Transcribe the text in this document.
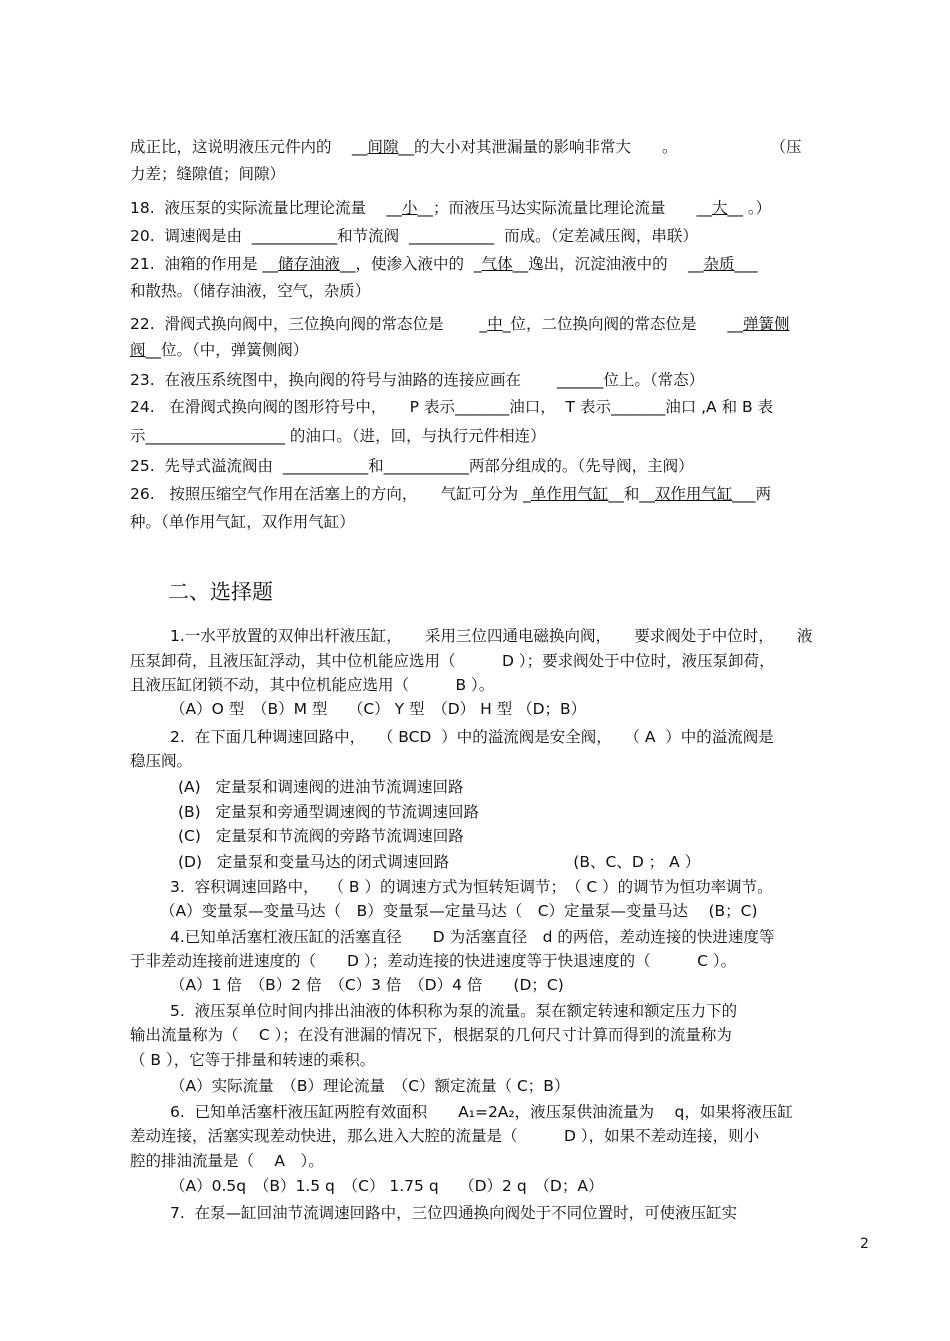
成正比，这说明液压元件内的　 __间隙__的大小对其泄漏量的影响非常大　　。　　　　　　　（压
力差；缝隙值；间隙）
18.  液压泵的实际流量比理论流量　 __小__；而液压马达实际流量比理论流量　　__大__ 。）
20.  调速阀是由  ___________和节流阀  ___________  而成。（定差减压阀，串联）
21.  油箱的作用是 __储存油液__，使渗入液中的  _气体__逸出，沉淀油液中的　 __杂质___
和散热。（储存油液，空气，杂质）
22.  滑阀式换向阀中，三位换向阀的常态位是　　 _中_位，二位换向阀的常态位是　　__弹簧侧
阀__位。（中，弹簧侧阀）
23.  在液压系统图中，换向阀的符号与油路的连接应画在　　 ______位上。（常态）
24.   在滑阀式换向阀的图形符号中，　　P 表示_______油口，  T 表示_______油口 ,A 和 B 表
示__________________ 的油口。（进，回，与执行元件相连）
25.  先导式溢流阀由  ___________和___________两部分组成的。（先导阀，主阀）
26.   按照压缩空气作用在活塞上的方向，　　气缸可分为 _单作用气缸__和__双作用气缸___两
种。（单作用气缸，双作用气缸）
二、选择题
1.一水平放置的双伸出杆液压缸，　　采用三位四通电磁换向阀，　　要求阀处于中位时，　　液
压泵卸荷，且液压缸浮动，其中位机能应选用（　　　D ）；要求阀处于中位时，液压泵卸荷，
且液压缸闭锁不动，其中位机能应选用（　　　B ）。
（A）O 型　（B）M 型　 （C） Y 型　（D） H 型 （D；B）
2.  在下面几种调速回路中，　 （ BCD  ）中的溢流阀是安全阀，　 （ A  ）中的溢流阀是
稳压阀。
(A)   定量泵和调速阀的进油节流调速回路
(B)   定量泵和旁通型调速阀的节流调速回路
(C)   定量泵和节流阀的旁路节流调速回路
(D)   定量泵和变量马达的闭式调速回路　　　　　　　　(B、C、D ； A ）
3.  容积调速回路中，  （ B ）的调速方式为恒转矩调节；　（ C ）的调节为恒功率调节。
（A）变量泵—变量马达（　B）变量泵—定量马达（　C）定量泵—变量马达　 (B；C)
4.已知单活塞杠液压缸的活塞直径　　D 为活塞直径　d 的两倍，差动连接的快进速度等
于非差动连接前进速度的（　　D ）；差动连接的快进速度等于快退速度的（　　　C ）。
（A）1 倍　（B）2 倍　（C）3 倍　（D）4 倍　　(D；C)
5.  液压泵单位时间内排出油液的体积称为泵的流量。泵在额定转速和额定压力下的
输出流量称为（　 C ）；在没有泄漏的情况下，根据泵的几何尺寸计算而得到的流量称为
（ B ），它等于排量和转速的乘积。
（A）实际流量　（B）理论流量　（C）额定流量（ C；B）
6.  已知单活塞杆液压缸两腔有效面积　　A₁=2A₂，液压泵供油流量为　 q，如果将液压缸
差动连接，活塞实现差动快进，那么进入大腔的流量是（　　　D ），如果不差动连接，则小
腔的排油流量是（　 A　）。
（A）0.5q　（B）1.5 q　（C） 1.75 q　 （D）2 q　（D；A）
7.  在泵—缸回油节流调速回路中，三位四通换向阀处于不同位置时，可使液压缸实
2
